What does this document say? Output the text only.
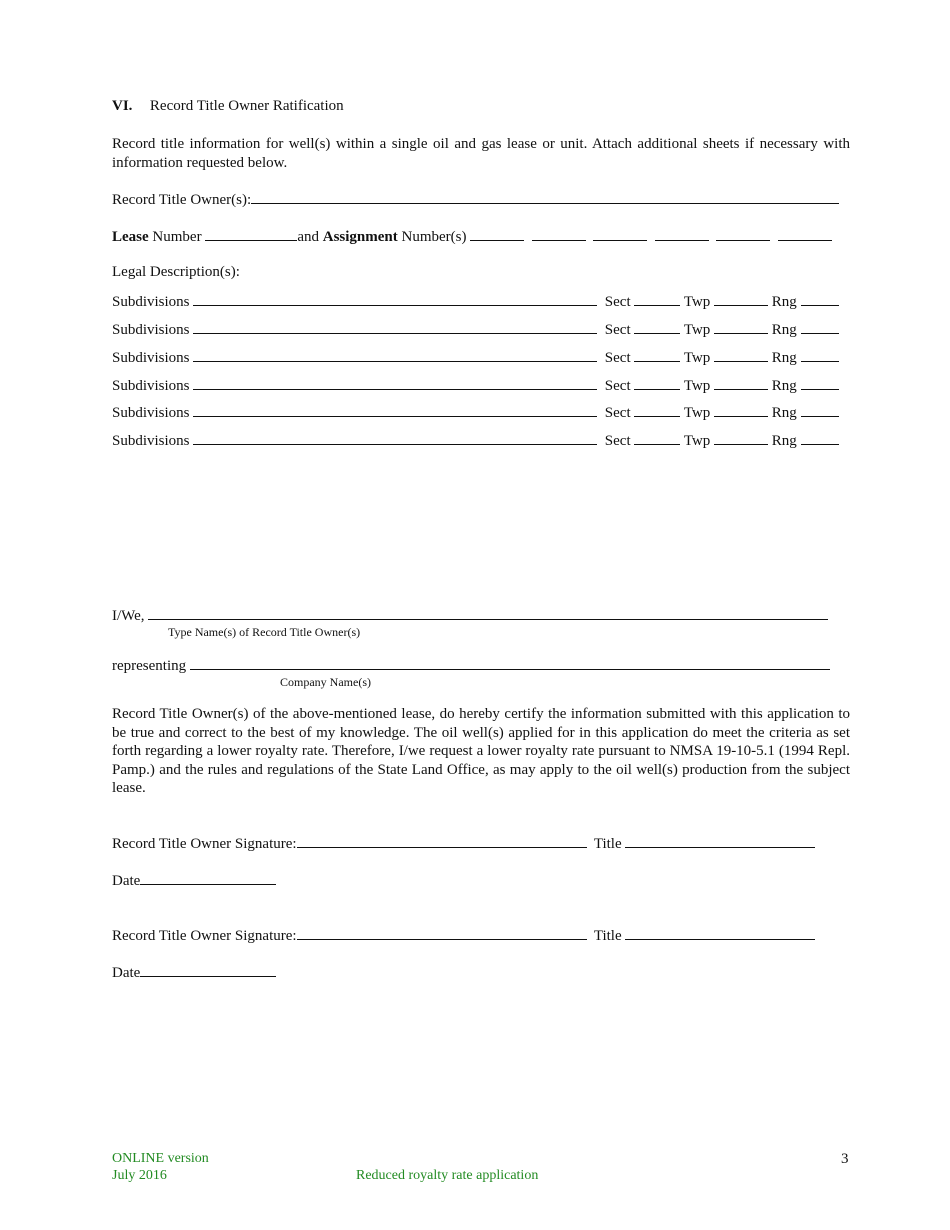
VI. Record Title Owner Ratification
Record title information for well(s) within a single oil and gas lease or unit. Attach additional sheets if necessary with information requested below.
Record Title Owner(s):
Lease Number	and Assignment Number(s)
Legal Description(s):
Subdivisions	Sect	Twp	Rng
Subdivisions	Sect	Twp	Rng
Subdivisions	Sect	Twp	Rng
Subdivisions	Sect	Twp	Rng
Subdivisions	Sect	Twp	Rng
Subdivisions	Sect	Twp	Rng
I/We,
Type Name(s) of Record Title Owner(s)
representing
Company Name(s)
Record Title Owner(s) of the above-mentioned lease, do hereby certify the information submitted with this application to be true and correct to the best of my knowledge. The oil well(s) applied for in this application do meet the criteria as set forth regarding a lower royalty rate. Therefore, I/we request a lower royalty rate pursuant to NMSA 19-10-5.1 (1994 Repl. Pamp.) and the rules and regulations of the State Land Office, as may apply to the oil well(s) production from the subject lease.
Record Title Owner Signature:	Title
Date
Record Title Owner Signature:	Title
Date
ONLINE version
July 2016	Reduced royalty rate application
3
